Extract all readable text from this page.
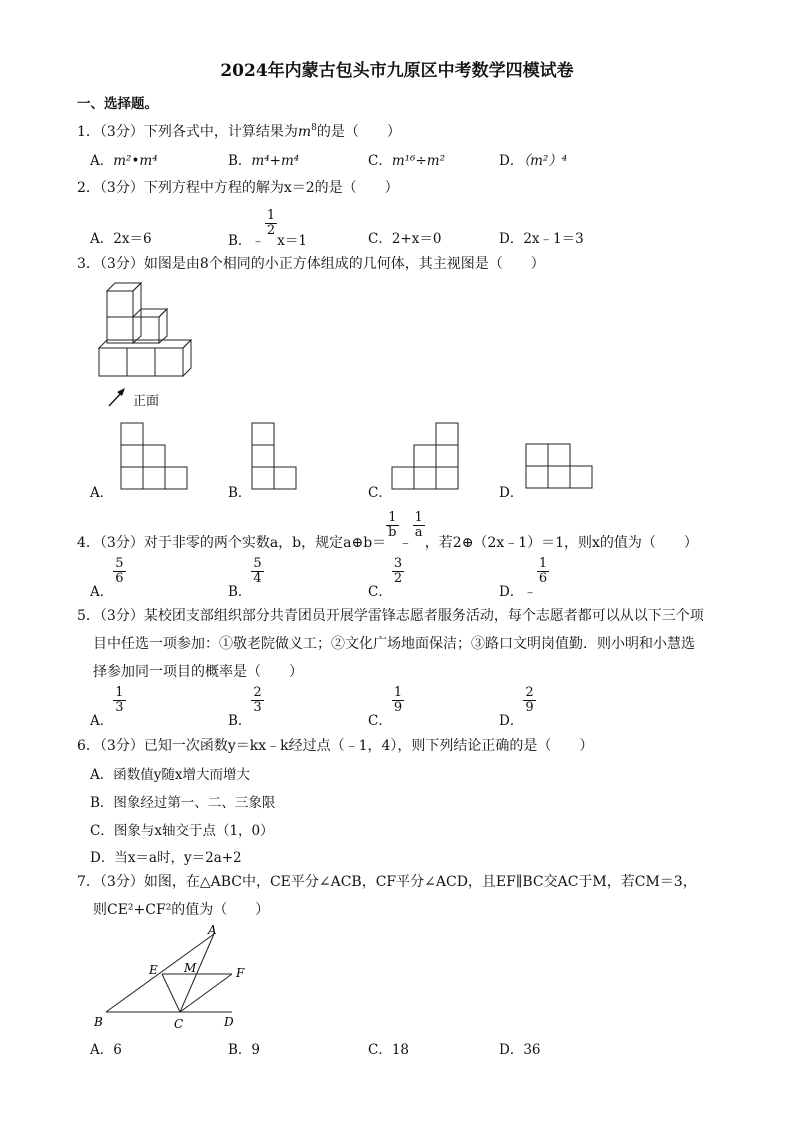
2024年内蒙古包头市九原区中考数学四模试卷
一、选择题。
1．（3分）下列各式中，计算结果为$m^8$的是（　　）
A．m²•m⁴	B．m⁴+m⁴	C．m¹⁶÷m²	D．（m²）⁴
2．（3分）下列方程中方程的解为x＝2的是（　　）
A．2x＝6	B．﹣
$\frac{1}{2}$
x＝1	C．2+x＝0	D．2x﹣1＝3
3．（3分）如图是由8个相同的小正方体组成的几何体，其主视图是（　　）
正面
A．	B．	C．	D．
4．（3分）对于非零的两个实数a，b，规定a⊕b＝
$\frac{1}{b}$
﹣
$\frac{1}{a}$
，若2⊕（2x﹣1）＝1，则x的值为（　　）
A．
$\frac{5}{6}$
B．
$\frac{5}{4}$
C．
$\frac{3}{2}$
D．﹣
$\frac{1}{6}$
5．（3分）某校团支部组织部分共青团员开展学雷锋志愿者服务活动，每个志愿者都可以从以下三个项
目中任选一项参加：①敬老院做义工；②文化广场地面保洁；③路口文明岗值勤．则小明和小慧选
择参加同一项目的概率是（　　）
A．
$\frac{1}{3}$
B．
$\frac{2}{3}$
C．
$\frac{1}{9}$
D．
$\frac{2}{9}$
6．（3分）已知一次函数y＝kx﹣k经过点（﹣1，4），则下列结论正确的是（　　）
A．函数值y随x增大而增大
B．图象经过第一、二、三象限
C．图象与x轴交于点（1，0）
D．当x＝a时，y＝2a+2
7．（3分）如图，在△ABC中，CE平分∠ACB，CF平分∠ACD，且EF∥BC交AC于M，若CM＝3，
则CE²+CF²的值为（　　）
A
B	C	D
E	F
M
A．6	B．9	C．18	D．36
